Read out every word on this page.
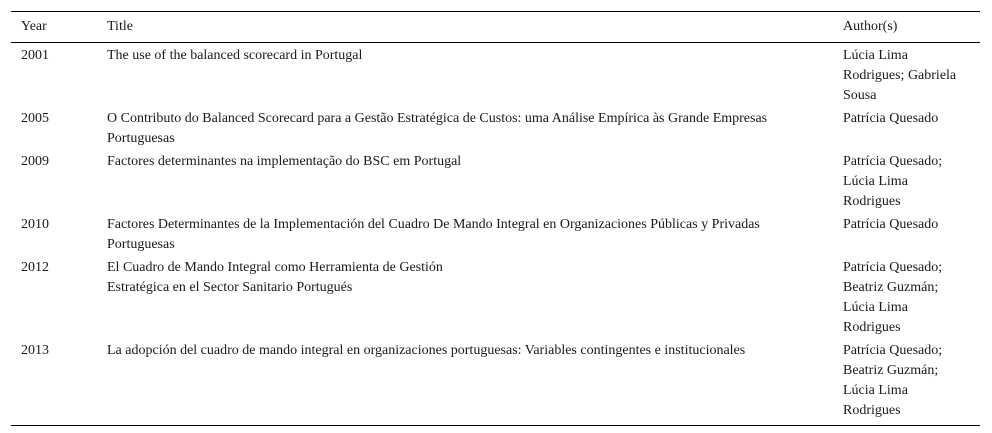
Year	Title	Author(s)
2001	The use of the balanced scorecard in Portugal	Lúcia Lima Rodrigues; Gabriela Sousa

2005	O Contributo do Balanced Scorecard para a Gestão Estratégica de Custos: uma Análise Empírica às Grande Empresas Portuguesas	Patrícia Quesado

2009	Factores determinantes na implementação do BSC em Portugal	Patrícia Quesado; Lúcia Lima Rodrigues

2010	Factores Determinantes de la Implementación del Cuadro De Mando Integral en Organizaciones Públicas y Privadas Portuguesas	Patrícia Quesado

2012	El Cuadro de Mando Integral como Herramienta de Gestión Estratégica en el Sector Sanitario Portugués	Patrícia Quesado; Beatriz Guzmán; Lúcia Lima Rodrigues

2013	La adopción del cuadro de mando integral en organizaciones portuguesas: Variables contingentes e institucionales	Patrícia Quesado; Beatriz Guzmán; Lúcia Lima Rodrigues
